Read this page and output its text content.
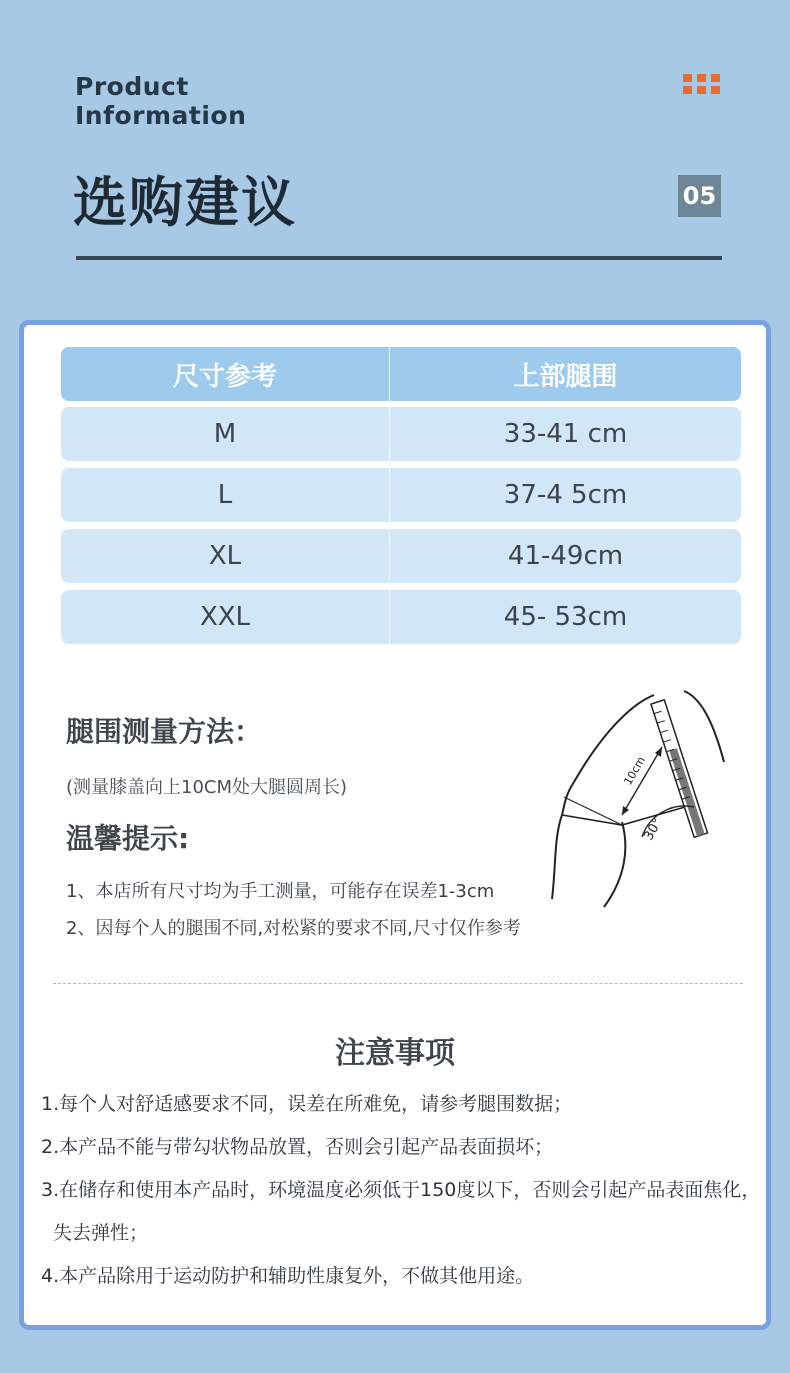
Product
Information
选购建议	05
尺寸参考	上部腿围
M	33-41 cm
L	37-4 5cm
XL	41-49cm
XXL	45- 53cm
腿围测量方法：
(测量膝盖向上10CM处大腿圆周长)
10cm
30°
温馨提示:
1、本店所有尺寸均为手工测量，可能存在误差1-3cm
2、因每个人的腿围不同,对松紧的要求不同,尺寸仅作参考
注意事项
1.每个人对舒适感要求不同，误差在所难免，请参考腿围数据；
2.本产品不能与带勾状物品放置，否则会引起产品表面损坏；
3.在储存和使用本产品时，环境温度必须低于150度以下，否则会引起产品表面焦化，
失去弹性；
4.本产品除用于运动防护和辅助性康复外，不做其他用途。
